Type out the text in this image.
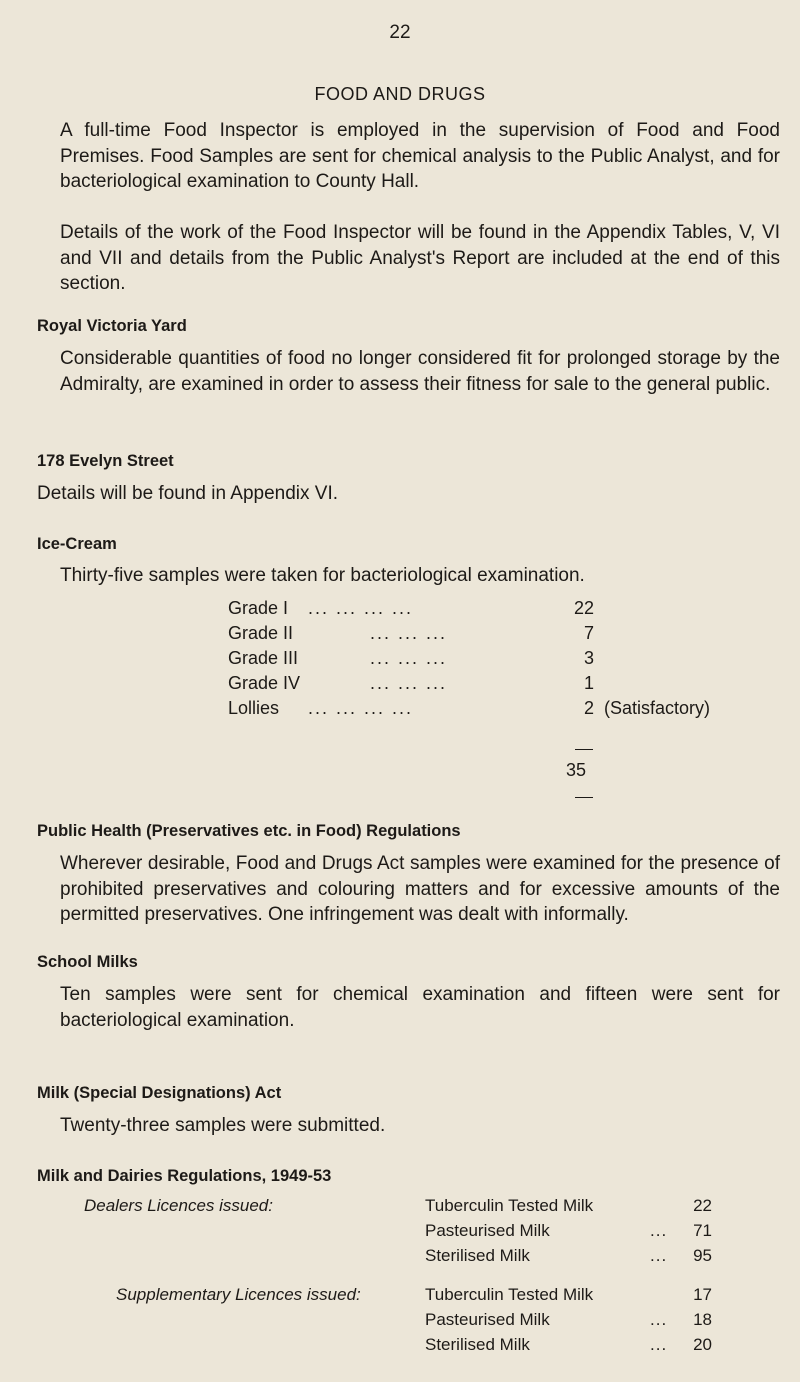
22
FOOD AND DRUGS

A full-time Food Inspector is employed in the supervision of Food and Food Premises. Food Samples are sent for chemical analysis to the Public Analyst, and for bacteriological examination to County Hall.

Details of the work of the Food Inspector will be found in the Appendix Tables, V, VI and VII and details from the Public Analyst's Report are included at the end of this section.

Royal Victoria Yard

Considerable quantities of food no longer considered fit for prolonged storage by the Admiralty, are examined in order to assess their fitness for sale to the general public.

178 Evelyn Street

Details will be found in Appendix VI.

Ice-Cream

Thirty-five samples were taken for bacteriological examination.

Grade I ... ... ... ...	22
Grade II	... ... ...	7
Grade III	... ... ...	3
Grade IV	... ... ...	1
Lollies ... ... ... ...	2 (Satisfactory)
35

Public Health (Preservatives etc. in Food) Regulations

Wherever desirable, Food and Drugs Act samples were examined for the presence of prohibited preservatives and colouring matters and for excessive amounts of the permitted preservatives. One infringement was dealt with informally.

School Milks

Ten samples were sent for chemical examination and fifteen were sent for bacteriological examination.

Milk (Special Designations) Act

Twenty-three samples were submitted.

Milk and Dairies Regulations, 1949-53

Dealers Licences issued:	Tuberculin Tested Milk	22
Pasteurised Milk	...	71
Sterilised Milk	...	95
Supplementary Licences issued:	Tuberculin Tested Milk	17
Pasteurised Milk	...	18
Sterilised Milk	...	20
